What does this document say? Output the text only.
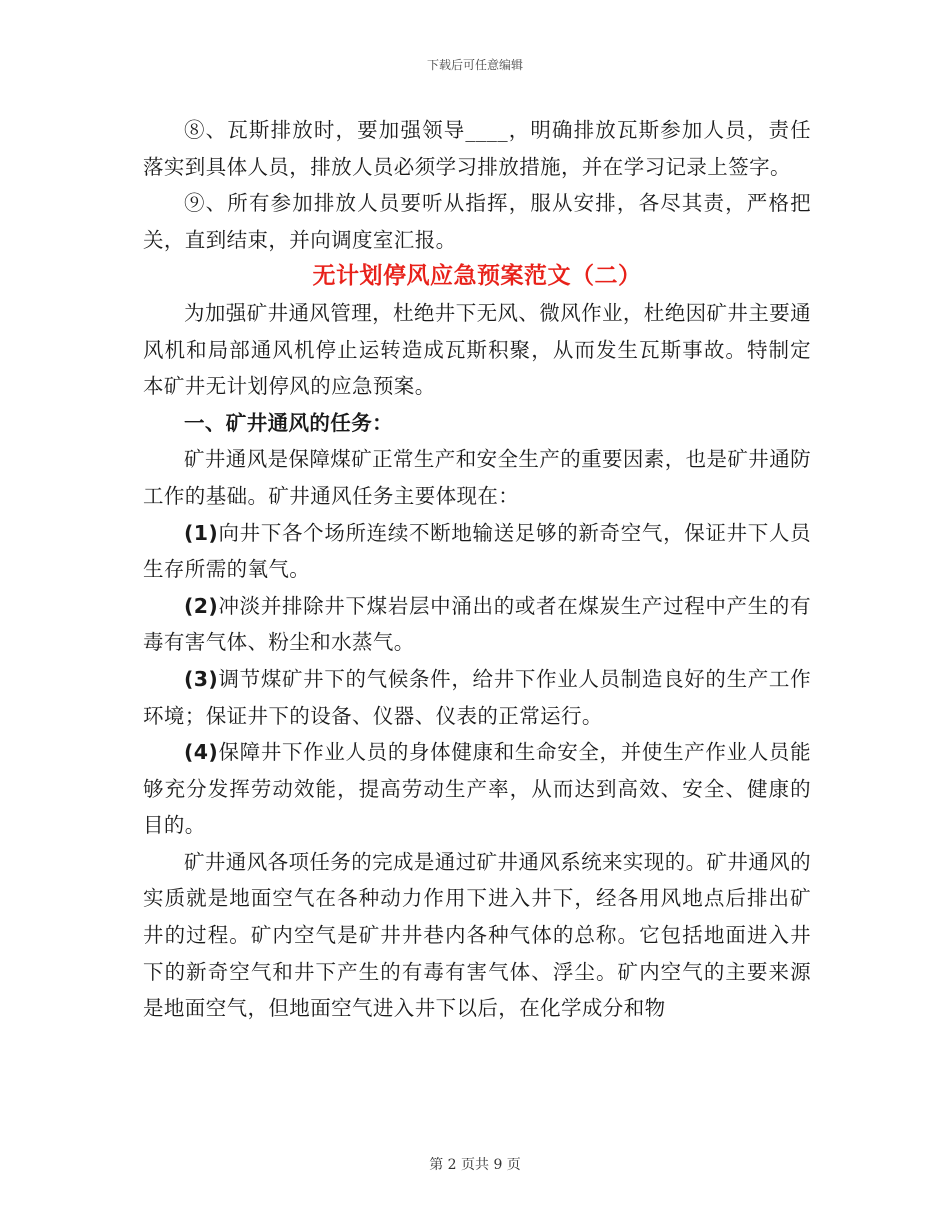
下载后可任意编辑

⑧、瓦斯排放时，要加强领导____，明确排放瓦斯参加人员，责任落实到具体人员，排放人员必须学习排放措施，并在学习记录上签字。

⑨、所有参加排放人员要听从指挥，服从安排，各尽其责，严格把关，直到结束，并向调度室汇报。

无计划停风应急预案范文（二）

为加强矿井通风管理，杜绝井下无风、微风作业，杜绝因矿井主要通风机和局部通风机停止运转造成瓦斯积聚，从而发生瓦斯事故。特制定本矿井无计划停风的应急预案。

一、矿井通风的任务：

矿井通风是保障煤矿正常生产和安全生产的重要因素，也是矿井通防工作的基础。矿井通风任务主要体现在：

(1)向井下各个场所连续不断地输送足够的新奇空气，保证井下人员生存所需的氧气。

(2)冲淡并排除井下煤岩层中涌出的或者在煤炭生产过程中产生的有毒有害气体、粉尘和水蒸气。

(3)调节煤矿井下的气候条件，给井下作业人员制造良好的生产工作环境；保证井下的设备、仪器、仪表的正常运行。

(4)保障井下作业人员的身体健康和生命安全，并使生产作业人员能够充分发挥劳动效能，提高劳动生产率，从而达到高效、安全、健康的目的。

矿井通风各项任务的完成是通过矿井通风系统来实现的。矿井通风的实质就是地面空气在各种动力作用下进入井下，经各用风地点后排出矿井的过程。矿内空气是矿井井巷内各种气体的总称。它包括地面进入井下的新奇空气和井下产生的有毒有害气体、浮尘。矿内空气的主要来源是地面空气，但地面空气进入井下以后，在化学成分和物

第 2 页共 9 页
